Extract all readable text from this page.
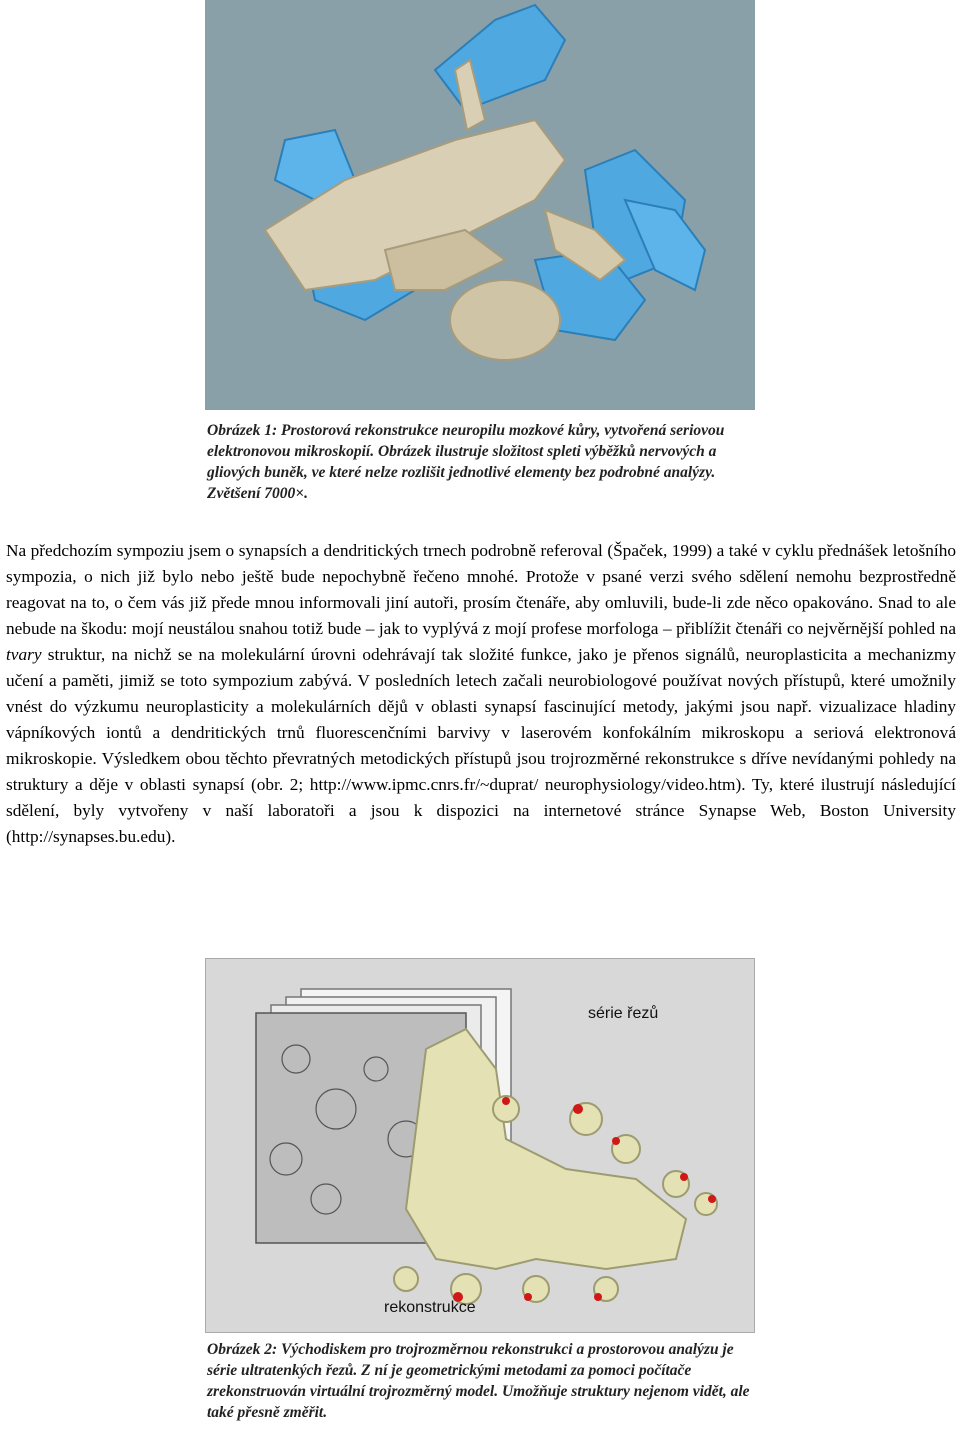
Obrázek 1: Prostorová rekonstrukce neuropilu mozkové kůry, vytvořená seriovou elektronovou mikroskopií. Obrázek ilustruje složitost spleti výběžků nervových a gliových buněk, ve které nelze rozlišit jednotlivé elementy bez podrobné analýzy. Zvětšení 7000×.

Na předchozím sympoziu jsem o synapsích a dendritických trnech podrobně referoval (Špaček, 1999) a také v cyklu přednášek letošního sympozia, o nich již bylo nebo ještě bude nepochybně řečeno mnohé. Protože v psané verzi svého sdělení nemohu bezprostředně reagovat na to, o čem vás již přede mnou informovali jiní autoři, prosím čtenáře, aby omluvili, bude-li zde něco opakováno. Snad to ale nebude na škodu: mojí neustálou snahou totiž bude – jak to vyplývá z mojí profese morfologa – přiblížit čtenáři co nejvěrnější pohled na tvary struktur, na nichž se na molekulární úrovni odehrávají tak složité funkce, jako je přenos signálů, neuroplasticita a mechanizmy učení a paměti, jimiž se toto sympozium zabývá. V posledních letech začali neurobiologové používat nových přístupů, které umožnily vnést do výzkumu neuroplasticity a molekulárních dějů v oblasti synapsí fascinující metody, jakými jsou např. vizualizace hladiny vápníkových iontů a dendritických trnů fluorescenčními barvivy v laserovém konfokálním mikroskopu a seriová elektronová mikroskopie. Výsledkem obou těchto převratných metodických přístupů jsou trojrozměrné rekonstrukce s dříve nevídanými pohledy na struktury a děje v oblasti synapsí (obr. 2; http://www.ipmc.cnrs.fr/~duprat/ neurophysiology/video.htm). Ty, které ilustrují následující sdělení, byly vytvořeny v naší laboratoři a jsou k dispozici na internetové stránce Synapse Web, Boston University (http://synapses.bu.edu).

série řezů
rekonstrukce
Obrázek 2: Východiskem pro trojrozměrnou rekonstrukci a prostorovou analýzu je série ultratenkých řezů. Z ní je geometrickými metodami za pomoci počítače zrekonstruován virtuální trojrozměrný model. Umožňuje struktury nejenom vidět, ale také přesně změřit.
